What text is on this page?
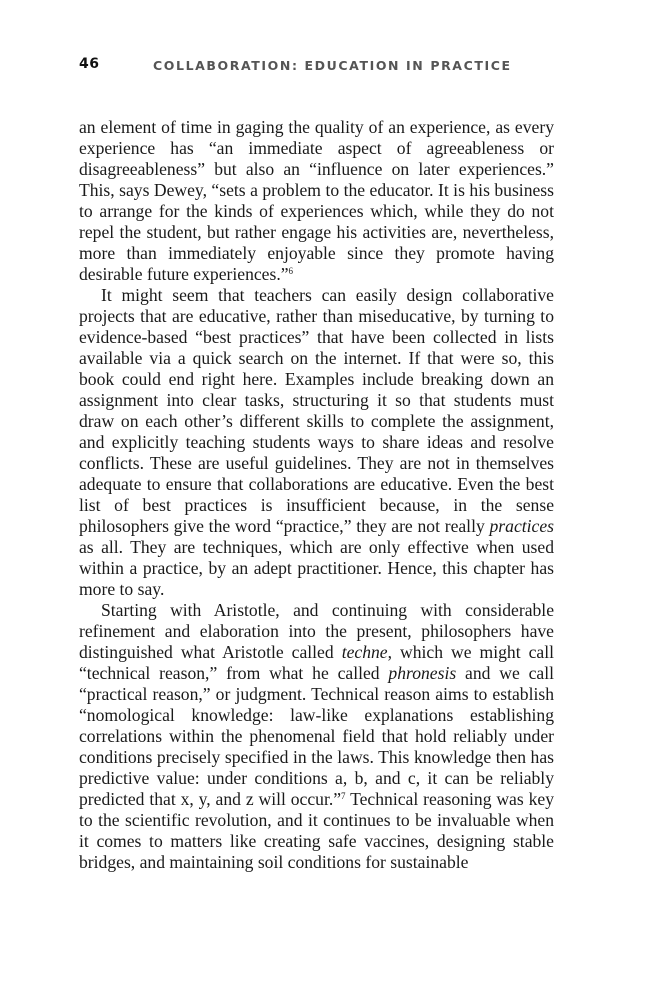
46	COLLABORATION: EDUCATION IN PRACTICE

an element of time in gaging the quality of an experience, as every experience has “an immediate aspect of agreeableness or disagreeableness” but also an “influence on later experiences.” This, says Dewey, “sets a problem to the educator. It is his business to arrange for the kinds of experiences which, while they do not repel the student, but rather engage his activities are, nevertheless, more than immediately enjoyable since they promote having desirable future experiences.”$^6$

It might seem that teachers can easily design collaborative projects that are educative, rather than miseducative, by turning to evidence-based “best practices” that have been collected in lists available via a quick search on the internet. If that were so, this book could end right here. Examples include breaking down an assignment into clear tasks, structuring it so that students must draw on each other’s different skills to complete the assignment, and explicitly teaching students ways to share ideas and resolve conflicts. These are useful guidelines. They are not in themselves adequate to ensure that collaborations are educative. Even the best list of best practices is insufficient because, in the sense philosophers give the word “practice,” they are not really practices as all. They are techniques, which are only effective when used within a practice, by an adept practitioner. Hence, this chapter has more to say.

Starting with Aristotle, and continuing with considerable refinement and elaboration into the present, philosophers have distinguished what Aristotle called techne, which we might call “technical reason,” from what he called phronesis and we call “practical reason,” or judgment. Technical reason aims to establish “nomological knowledge: law-like explanations establishing correlations within the phenomenal field that hold reliably under conditions precisely specified in the laws. This knowledge then has predictive value: under conditions a, b, and c, it can be reliably predicted that x, y, and z will occur.”$^7$ Technical reasoning was key to the scientific revolution, and it continues to be invaluable when it comes to matters like creating safe vaccines, designing stable bridges, and maintaining soil conditions for sustainable
